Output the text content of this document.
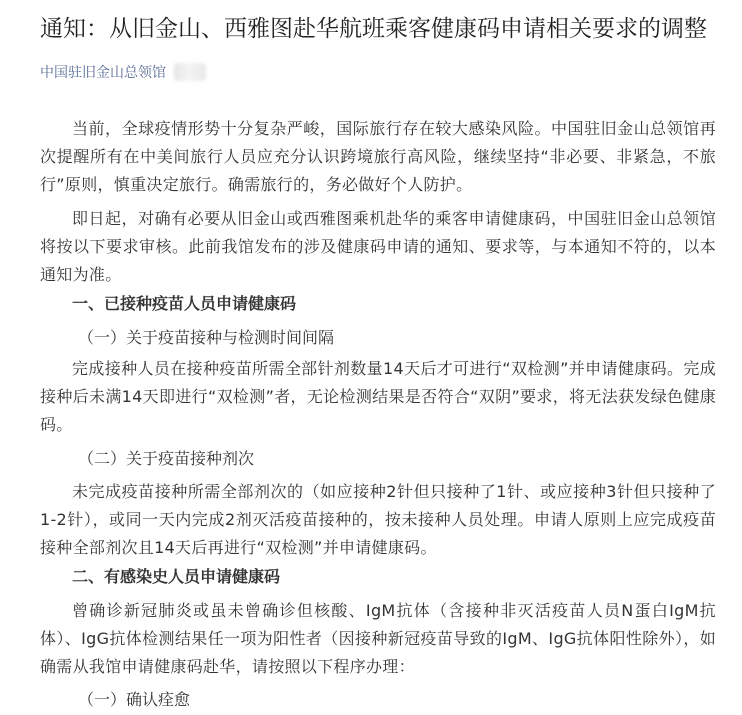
通知：从旧金山、西雅图赴华航班乘客健康码申请相关要求的调整
中国驻旧金山总领馆

当前，全球疫情形势十分复杂严峻，国际旅行存在较大感染风险。中国驻旧金山总领馆再次提醒所有在中美间旅行人员应充分认识跨境旅行高风险，继续坚持“非必要、非紧急，不旅行”原则，慎重决定旅行。确需旅行的，务必做好个人防护。

即日起，对确有必要从旧金山或西雅图乘机赴华的乘客申请健康码，中国驻旧金山总领馆将按以下要求审核。此前我馆发布的涉及健康码申请的通知、要求等，与本通知不符的，以本通知为准。

一、已接种疫苗人员申请健康码

（一）关于疫苗接种与检测时间间隔

完成接种人员在接种疫苗所需全部针剂数量14天后才可进行“双检测”并申请健康码。完成接种后未满14天即进行“双检测”者，无论检测结果是否符合“双阴”要求，将无法获发绿色健康码。

（二）关于疫苗接种剂次

未完成疫苗接种所需全部剂次的（如应接种2针但只接种了1针、或应接种3针但只接种了1-2针），或同一天内完成2剂灭活疫苗接种的，按未接种人员处理。申请人原则上应完成疫苗接种全部剂次且14天后再进行“双检测”并申请健康码。

二、有感染史人员申请健康码

曾确诊新冠肺炎或虽未曾确诊但核酸、IgM抗体（含接种非灭活疫苗人员N蛋白IgM抗体）、IgG抗体检测结果任一项为阳性者（因接种新冠疫苗导致的IgM、IgG抗体阳性除外），如确需从我馆申请健康码赴华，请按照以下程序办理：

（一）确认痊愈
